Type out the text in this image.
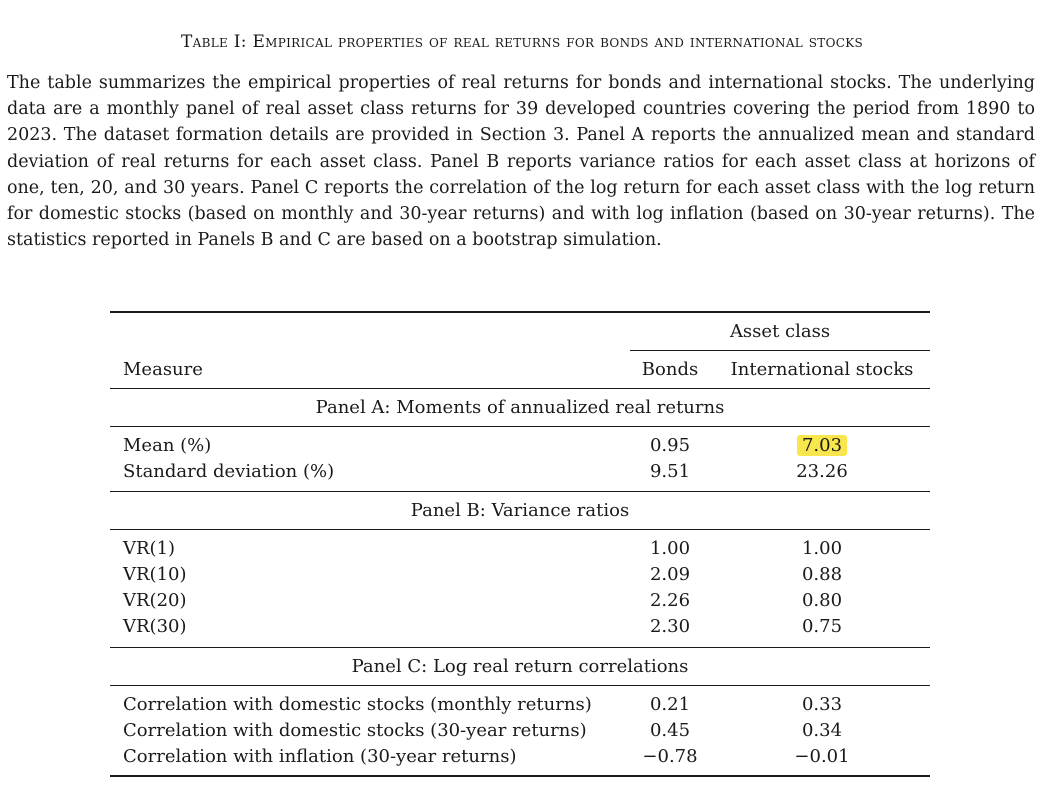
Table I: Empirical properties of real returns for bonds and international stocks
The table summarizes the empirical properties of real returns for bonds and international stocks. The underlying data are a monthly panel of real asset class returns for 39 developed countries covering the period from 1890 to 2023. The dataset formation details are provided in Section 3. Panel A reports the annualized mean and standard deviation of real returns for each asset class. Panel B reports variance ratios for each asset class at horizons of one, ten, 20, and 30 years. Panel C reports the correlation of the log return for each asset class with the log return for domestic stocks (based on monthly and 30-year returns) and with log inflation (based on 30-year returns). The statistics reported in Panels B and C are based on a bootstrap simulation.
Asset class
Measure	Bonds	International stocks
Panel A: Moments of annualized real returns
Mean (%)	0.95	7.03
Standard deviation (%)	9.51	23.26
Panel B: Variance ratios
VR(1)	1.00	1.00
VR(10)	2.09	0.88
VR(20)	2.26	0.80
VR(30)	2.30	0.75
Panel C: Log real return correlations
Correlation with domestic stocks (monthly returns)	0.21	0.33
Correlation with domestic stocks (30-year returns)	0.45	0.34
Correlation with inflation (30-year returns)	−0.78	−0.01
